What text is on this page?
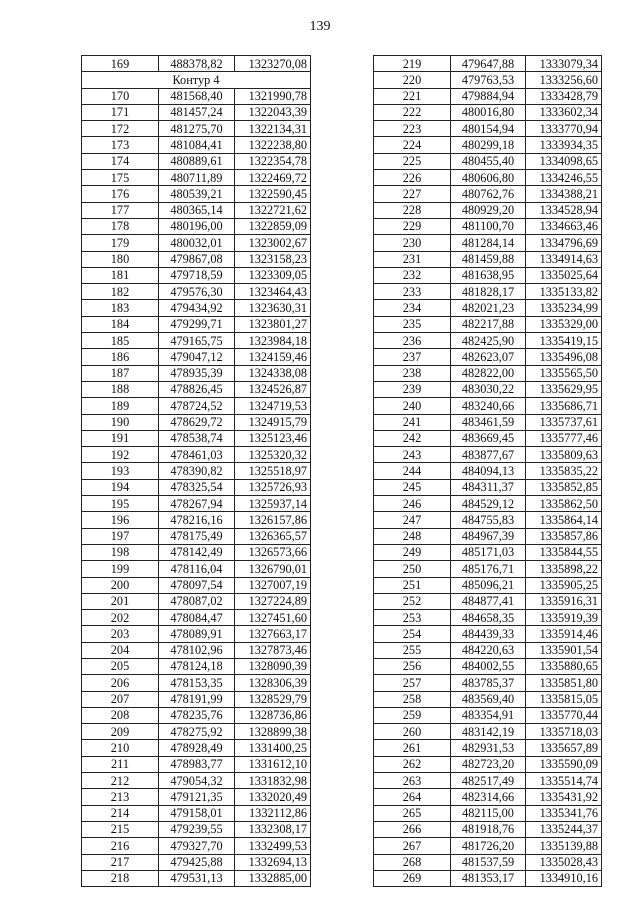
139
169	488378,82	1323270,08
Контур 4		
170	481568,40	1321990,78
171	481457,24	1322043,39
172	481275,70	1322134,31
173	481084,41	1322238,80
174	480889,61	1322354,78
175	480711,89	1322469,72
176	480539,21	1322590,45
177	480365,14	1322721,62
178	480196,00	1322859,09
179	480032,01	1323002,67
180	479867,08	1323158,23
181	479718,59	1323309,05
182	479576,30	1323464,43
183	479434,92	1323630,31
184	479299,71	1323801,27
185	479165,75	1323984,18
186	479047,12	1324159,46
187	478935,39	1324338,08
188	478826,45	1324526,87
189	478724,52	1324719,53
190	478629,72	1324915,79
191	478538,74	1325123,46
192	478461,03	1325320,32
193	478390,82	1325518,97
194	478325,54	1325726,93
195	478267,94	1325937,14
196	478216,16	1326157,86
197	478175,49	1326365,57
198	478142,49	1326573,66
199	478116,04	1326790,01
200	478097,54	1327007,19
201	478087,02	1327224,89
202	478084,47	1327451,60
203	478089,91	1327663,17
204	478102,96	1327873,46
205	478124,18	1328090,39
206	478153,35	1328306,39
207	478191,99	1328529,79
208	478235,76	1328736,86
209	478275,92	1328899,38
210	478928,49	1331400,25
211	478983,77	1331612,10
212	479054,32	1331832,98
213	479121,35	1332020,49
214	479158,01	1332112,86
215	479239,55	1332308,17
216	479327,70	1332499,53
217	479425,88	1332694,13
218	479531,13	1332885,00
219	479647,88	1333079,34
220	479763,53	1333256,60
221	479884,94	1333428,79
222	480016,80	1333602,34
223	480154,94	1333770,94
224	480299,18	1333934,35
225	480455,40	1334098,65
226	480606,80	1334246,55
227	480762,76	1334388,21
228	480929,20	1334528,94
229	481100,70	1334663,46
230	481284,14	1334796,69
231	481459,88	1334914,63
232	481638,95	1335025,64
233	481828,17	1335133,82
234	482021,23	1335234,99
235	482217,88	1335329,00
236	482425,90	1335419,15
237	482623,07	1335496,08
238	482822,00	1335565,50
239	483030,22	1335629,95
240	483240,66	1335686,71
241	483461,59	1335737,61
242	483669,45	1335777,46
243	483877,67	1335809,63
244	484094,13	1335835,22
245	484311,37	1335852,85
246	484529,12	1335862,50
247	484755,83	1335864,14
248	484967,39	1335857,86
249	485171,03	1335844,55
250	485176,71	1335898,22
251	485096,21	1335905,25
252	484877,41	1335916,31
253	484658,35	1335919,39
254	484439,33	1335914,46
255	484220,63	1335901,54
256	484002,55	1335880,65
257	483785,37	1335851,80
258	483569,40	1335815,05
259	483354,91	1335770,44
260	483142,19	1335718,03
261	482931,53	1335657,89
262	482723,20	1335590,09
263	482517,49	1335514,74
264	482314,66	1335431,92
265	482115,00	1335341,76
266	481918,76	1335244,37
267	481726,20	1335139,88
268	481537,59	1335028,43
269	481353,17	1334910,16
